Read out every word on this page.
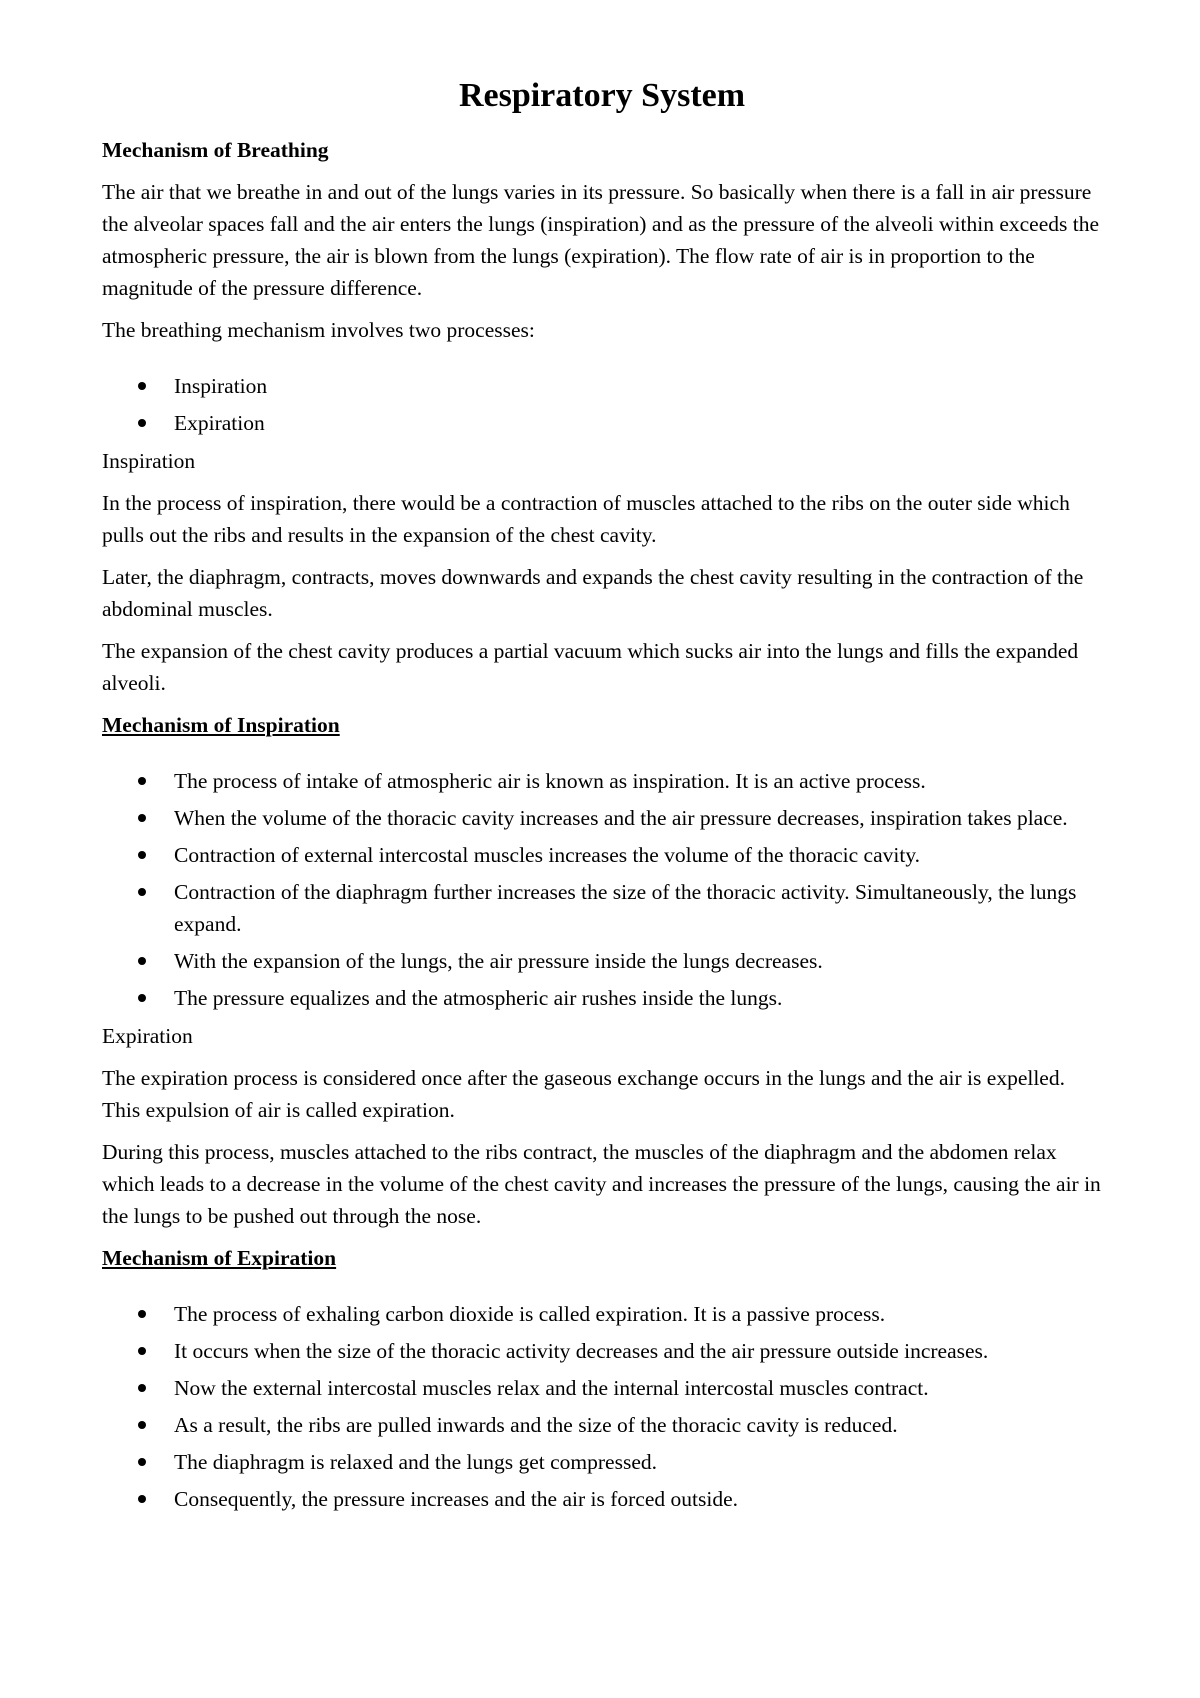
Respiratory System
Mechanism of Breathing

The air that we breathe in and out of the lungs varies in its pressure. So basically when there is a fall in air pressure the alveolar spaces fall and the air enters the lungs (inspiration) and as the pressure of the alveoli within exceeds the atmospheric pressure, the air is blown from the lungs (expiration). The flow rate of air is in proportion to the magnitude of the pressure difference.

The breathing mechanism involves two processes:

Inspiration
Expiration

Inspiration

In the process of inspiration, there would be a contraction of muscles attached to the ribs on the outer side which pulls out the ribs and results in the expansion of the chest cavity.

Later, the diaphragm, contracts, moves downwards and expands the chest cavity resulting in the contraction of the abdominal muscles.

The expansion of the chest cavity produces a partial vacuum which sucks air into the lungs and fills the expanded alveoli.

Mechanism of Inspiration
The process of intake of atmospheric air is known as inspiration. It is an active process.
When the volume of the thoracic cavity increases and the air pressure decreases, inspiration takes place.
Contraction of external intercostal muscles increases the volume of the thoracic cavity.
Contraction of the diaphragm further increases the size of the thoracic activity. Simultaneously, the lungs expand.
With the expansion of the lungs, the air pressure inside the lungs decreases.
The pressure equalizes and the atmospheric air rushes inside the lungs.

Expiration

The expiration process is considered once after the gaseous exchange occurs in the lungs and the air is expelled. This expulsion of air is called expiration.

During this process, muscles attached to the ribs contract, the muscles of the diaphragm and the abdomen relax which leads to a decrease in the volume of the chest cavity and increases the pressure of the lungs, causing the air in the lungs to be pushed out through the nose.

Mechanism of Expiration
The process of exhaling carbon dioxide is called expiration. It is a passive process.
It occurs when the size of the thoracic activity decreases and the air pressure outside increases.
Now the external intercostal muscles relax and the internal intercostal muscles contract.
As a result, the ribs are pulled inwards and the size of the thoracic cavity is reduced.
The diaphragm is relaxed and the lungs get compressed.
Consequently, the pressure increases and the air is forced outside.
